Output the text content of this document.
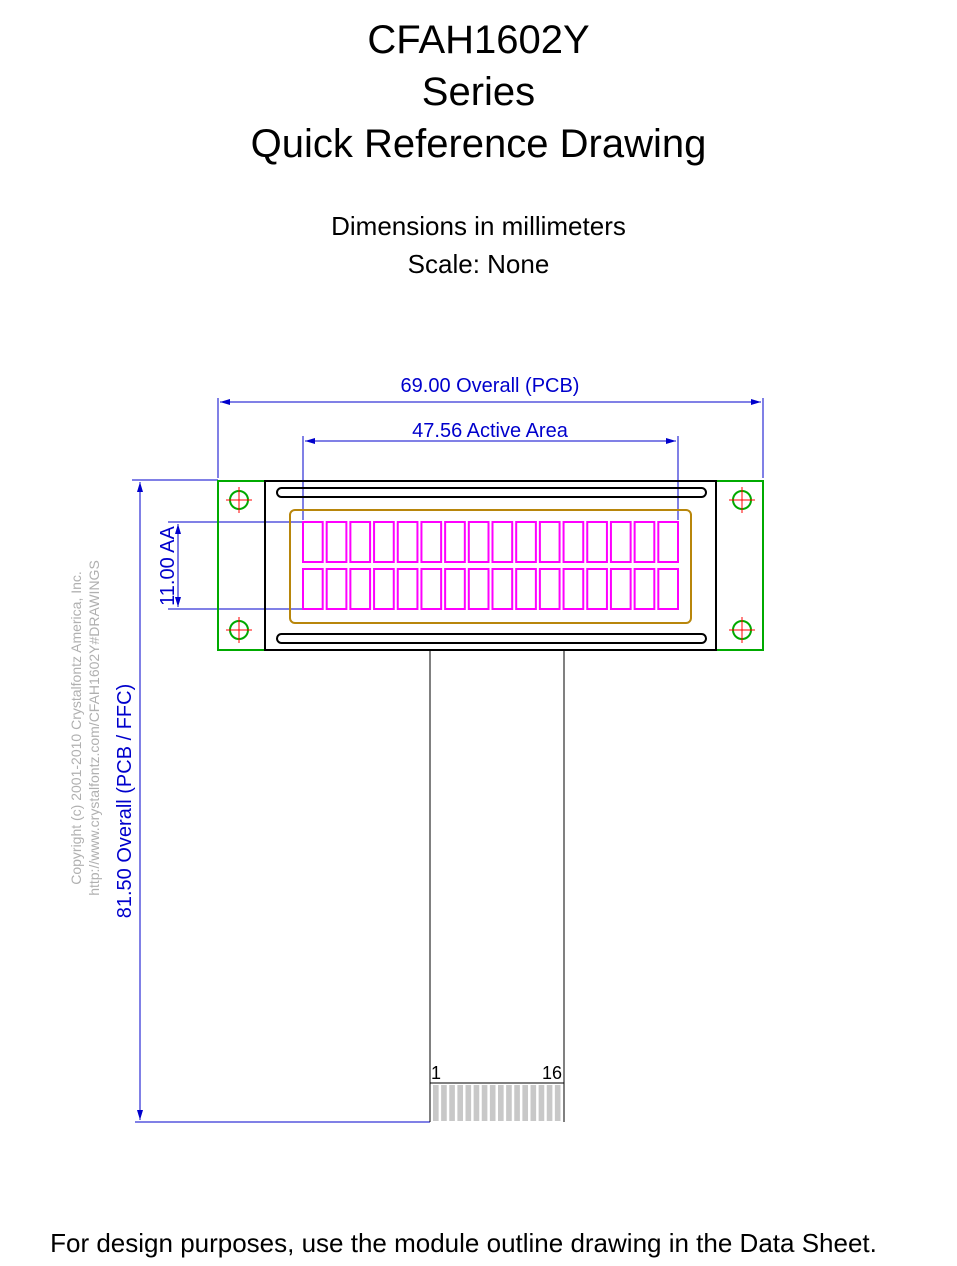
CFAH1602Y
Series
Quick Reference Drawing
Dimensions in millimeters
Scale: None
69.00 Overall (PCB)
47.56 Active Area
11.00 AA
81.50 Overall (PCB / FFC)
Copyright (c) 2001-2010 Crystalfontz America, Inc. http://www.crystalfontz.com/CFAH1602Y#DRAWINGS
1	16
For design purposes, use the module outline drawing in the Data Sheet.
